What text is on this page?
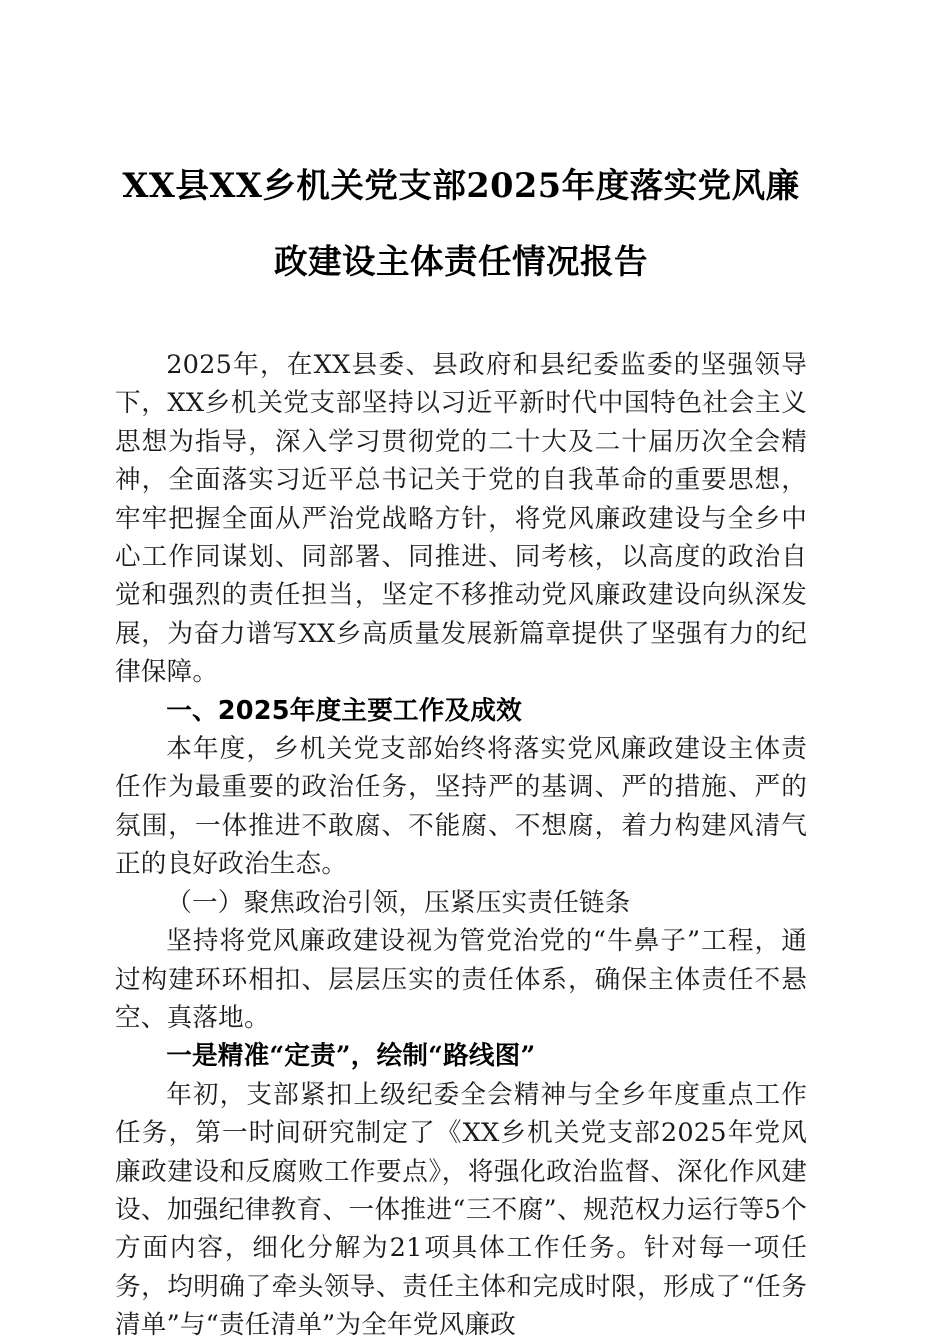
XX县XX乡机关党支部2025年度落实党风廉政建设主体责任情况报告

2025年，在XX县委、县政府和县纪委监委的坚强领导下，XX乡机关党支部坚持以习近平新时代中国特色社会主义思想为指导，深入学习贯彻党的二十大及二十届历次全会精神，全面落实习近平总书记关于党的自我革命的重要思想，牢牢把握全面从严治党战略方针，将党风廉政建设与全乡中心工作同谋划、同部署、同推进、同考核，以高度的政治自觉和强烈的责任担当，坚定不移推动党风廉政建设向纵深发展，为奋力谱写XX乡高质量发展新篇章提供了坚强有力的纪律保障。

一、2025年度主要工作及成效

本年度，乡机关党支部始终将落实党风廉政建设主体责任作为最重要的政治任务，坚持严的基调、严的措施、严的氛围，一体推进不敢腐、不能腐、不想腐，着力构建风清气正的良好政治生态。

（一）聚焦政治引领，压紧压实责任链条

坚持将党风廉政建设视为管党治党的“牛鼻子”工程，通过构建环环相扣、层层压实的责任体系，确保主体责任不悬空、真落地。

一是精准“定责”，绘制“路线图”

年初，支部紧扣上级纪委全会精神与全乡年度重点工作任务，第一时间研究制定了《XX乡机关党支部2025年党风廉政建设和反腐败工作要点》，将强化政治监督、深化作风建设、加强纪律教育、一体推进“三不腐”、规范权力运行等5个方面内容，细化分解为21项具体工作任务。针对每一项任务，均明确了牵头领导、责任主体和完成时限，形成了“任务清单”与“责任清单”为全年党风廉政
